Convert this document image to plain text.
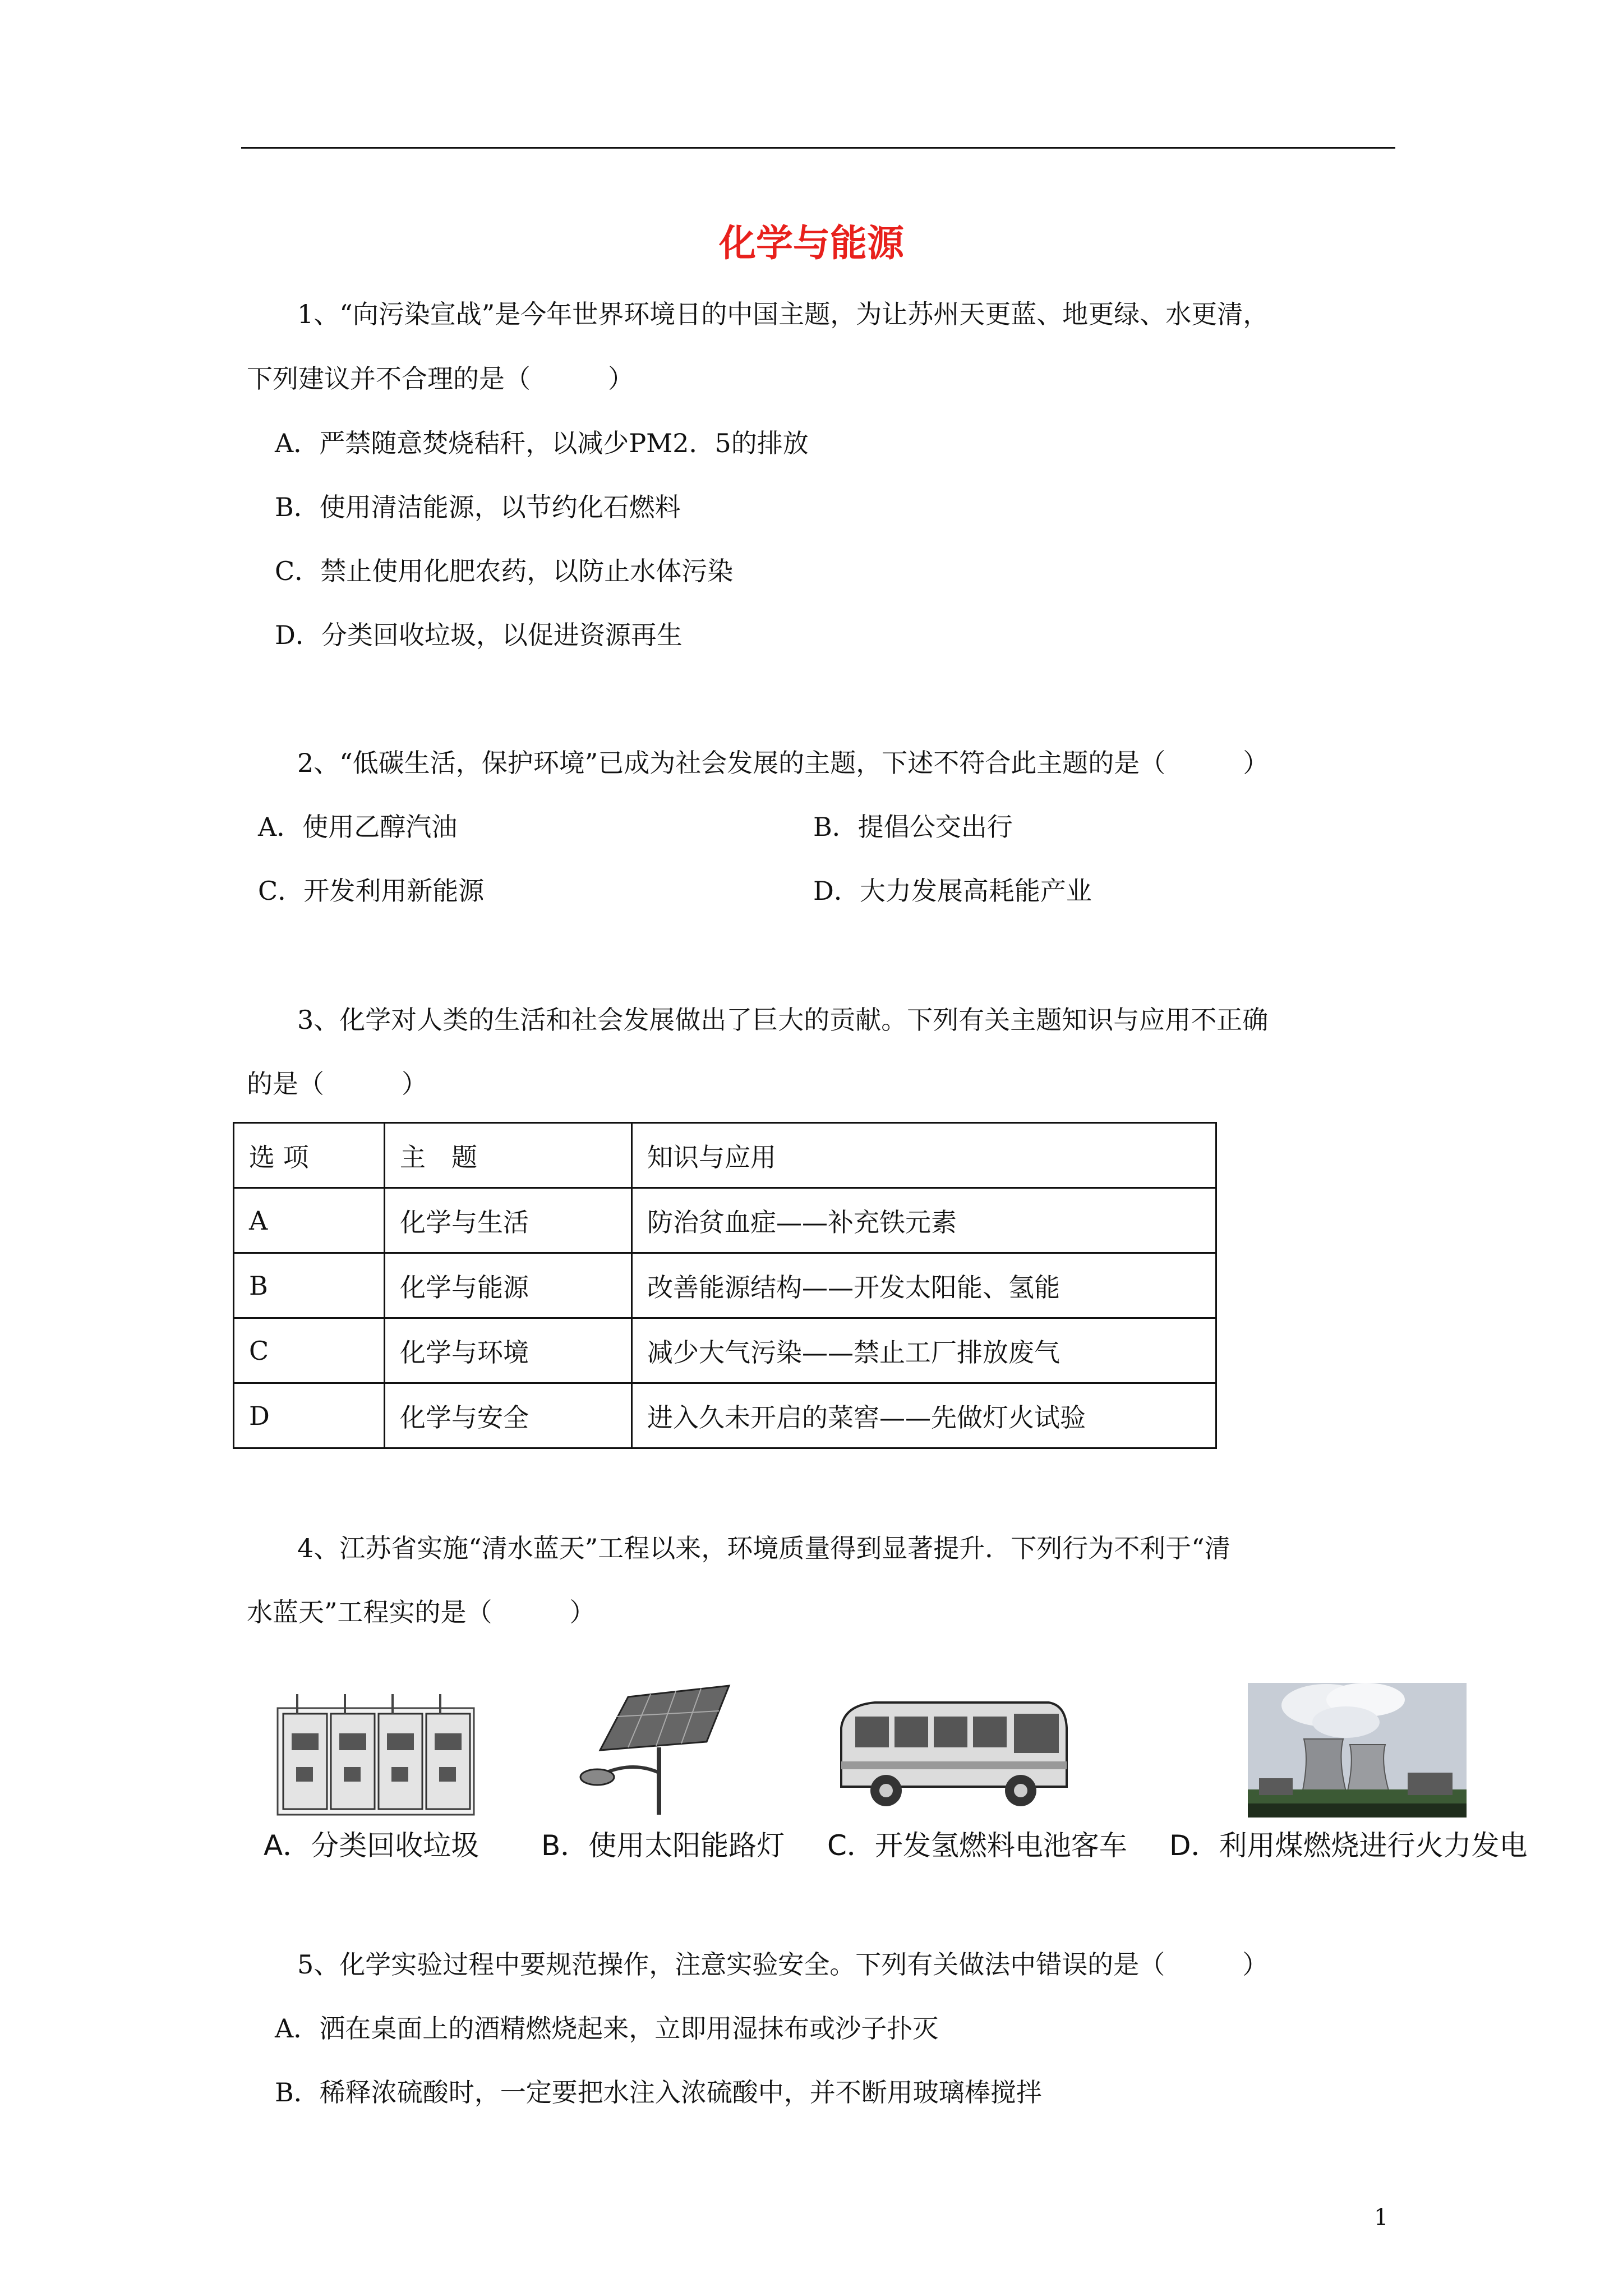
化学与能源
1、“向污染宣战”是今年世界环境日的中国主题，为让苏州天更蓝、地更绿、水更清，
下列建议并不合理的是（　　　）
A．严禁随意焚烧秸秆，以减少PM2．5的排放
B．使用清洁能源，以节约化石燃料
C．禁止使用化肥农药，以防止水体污染
D．分类回收垃圾，以促进资源再生
2、“低碳生活，保护环境”已成为社会发展的主题，下述不符合此主题的是（　　　）
A．使用乙醇汽油	B．提倡公交出行
C．开发利用新能源	D．大力发展高耗能产业
3、化学对人类的生活和社会发展做出了巨大的贡献。下列有关主题知识与应用不正确
的是（　　　）
选 项	主　题	知识与应用
A	化学与生活	防治贫血症——补充铁元素
B	化学与能源	改善能源结构——开发太阳能、氢能
C	化学与环境	减少大气污染——禁止工厂排放废气
D	化学与安全	进入久未开启的菜窖——先做灯火试验
4、江苏省实施“清水蓝天”工程以来，环境质量得到显著提升．下列行为不利于“清
水蓝天”工程实的是（　　　）
A．分类回收垃圾 B．使用太阳能路灯 C．开发氢燃料电池客车 D．利用煤燃烧进行火力发电
5、化学实验过程中要规范操作，注意实验安全。下列有关做法中错误的是（　　　）
A．洒在桌面上的酒精燃烧起来，立即用湿抹布或沙子扑灭
B．稀释浓硫酸时，一定要把水注入浓硫酸中，并不断用玻璃棒搅拌
1
